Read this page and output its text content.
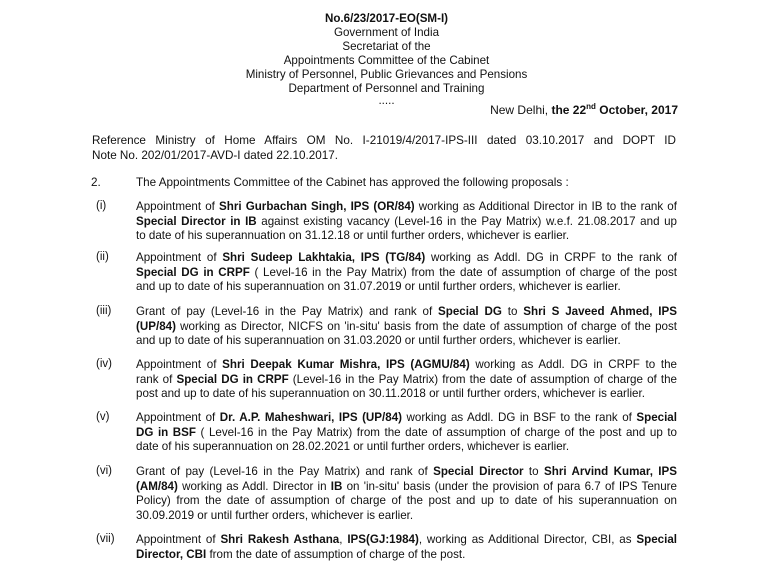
No.6/23/2017-EO(SM-I)
Government of India
Secretariat of the
Appointments Committee of the Cabinet
Ministry of Personnel, Public Grievances and Pensions
Department of Personnel and Training
.....
New Delhi, the 22nd October, 2017
Reference Ministry of Home Affairs OM No. I-21019/4/2017-IPS-III dated 03.10.2017 and DOPT ID
Note No. 202/01/2017-AVD-I dated 22.10.2017.
2.	The Appointments Committee of the Cabinet has approved the following proposals :
(i)	Appointment of Shri Gurbachan Singh, IPS (OR/84) working as Additional Director in IB to the rank of
Special Director in IB against existing vacancy (Level-16 in the Pay Matrix) w.e.f. 21.08.2017 and up
to date of his superannuation on 31.12.18 or until further orders, whichever is earlier.
(ii) Appointment of Shri Sudeep Lakhtakia, IPS (TG/84) working as Addl. DG in CRPF to the rank of
Special DG in CRPF ( Level-16 in the Pay Matrix) from the date of assumption of charge of the post
and up to date of his superannuation on 31.07.2019 or until further orders, whichever is earlier.
(iii) Grant of pay (Level-16 in the Pay Matrix) and rank of Special DG to Shri S Javeed Ahmed, IPS
(UP/84) working as Director, NICFS on 'in-situ' basis from the date of assumption of charge of the post
and up to date of his superannuation on 31.03.2020 or until further orders, whichever is earlier.
(iv) Appointment of Shri Deepak Kumar Mishra, IPS (AGMU/84) working as Addl. DG in CRPF to the
rank of Special DG in CRPF (Level-16 in the Pay Matrix) from the date of assumption of charge of the
post and up to date of his superannuation on 30.11.2018 or until further orders, whichever is earlier.
(v) Appointment of Dr. A.P. Maheshwari, IPS (UP/84) working as Addl. DG in BSF to the rank of Special
DG in BSF ( Level-16 in the Pay Matrix) from the date of assumption of charge of the post and up to
date of his superannuation on 28.02.2021 or until further orders, whichever is earlier.
(vi) Grant of pay (Level-16 in the Pay Matrix) and rank of Special Director to Shri Arvind Kumar, IPS
(AM/84) working as Addl. Director in IB on 'in-situ' basis (under the provision of para 6.7 of IPS Tenure
Policy) from the date of assumption of charge of the post and up to date of his superannuation on
30.09.2019 or until further orders, whichever is earlier.
(vii) Appointment of Shri Rakesh Asthana, IPS(GJ:1984), working as Additional Director, CBI, as Special
Director, CBI from the date of assumption of charge of the post.
